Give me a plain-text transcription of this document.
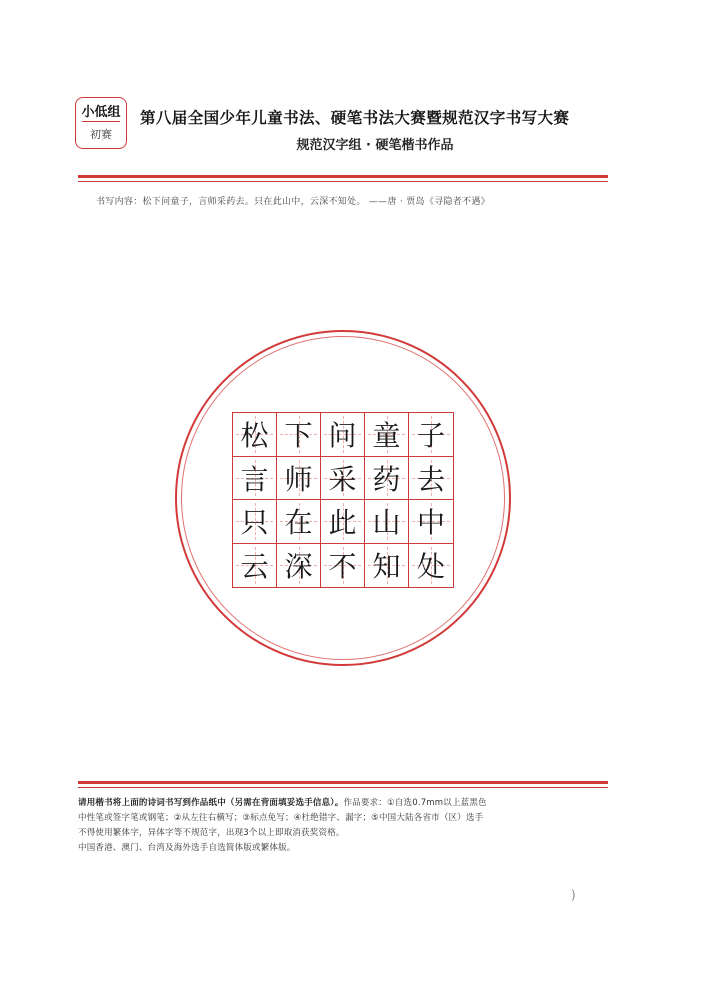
小低组
初赛
第八届全国少年儿童书法、硬笔书法大赛暨规范汉字书写大赛
规范汉字组 · 硬笔楷书作品
书写内容：松下问童子，言师采药去。只在此山中，云深不知处。 ——唐 · 贾岛《寻隐者不遇》
松 下 问 童 子
言 师 采 药 去
只 在 此 山 中
云 深 不 知 处
请用楷书将上面的诗词书写到作品纸中（另需在背面填妥选手信息）。作品要求：①自选0.7mm以上蓝黑色
中性笔或签字笔或钢笔；②从左往右横写；③标点免写；④杜绝错字、漏字；⑤中国大陆各省市（区）选手
不得使用繁体字，异体字等不规范字，出现3个以上即取消获奖资格。
中国香港、澳门、台湾及海外选手自选简体版或繁体版。
)
